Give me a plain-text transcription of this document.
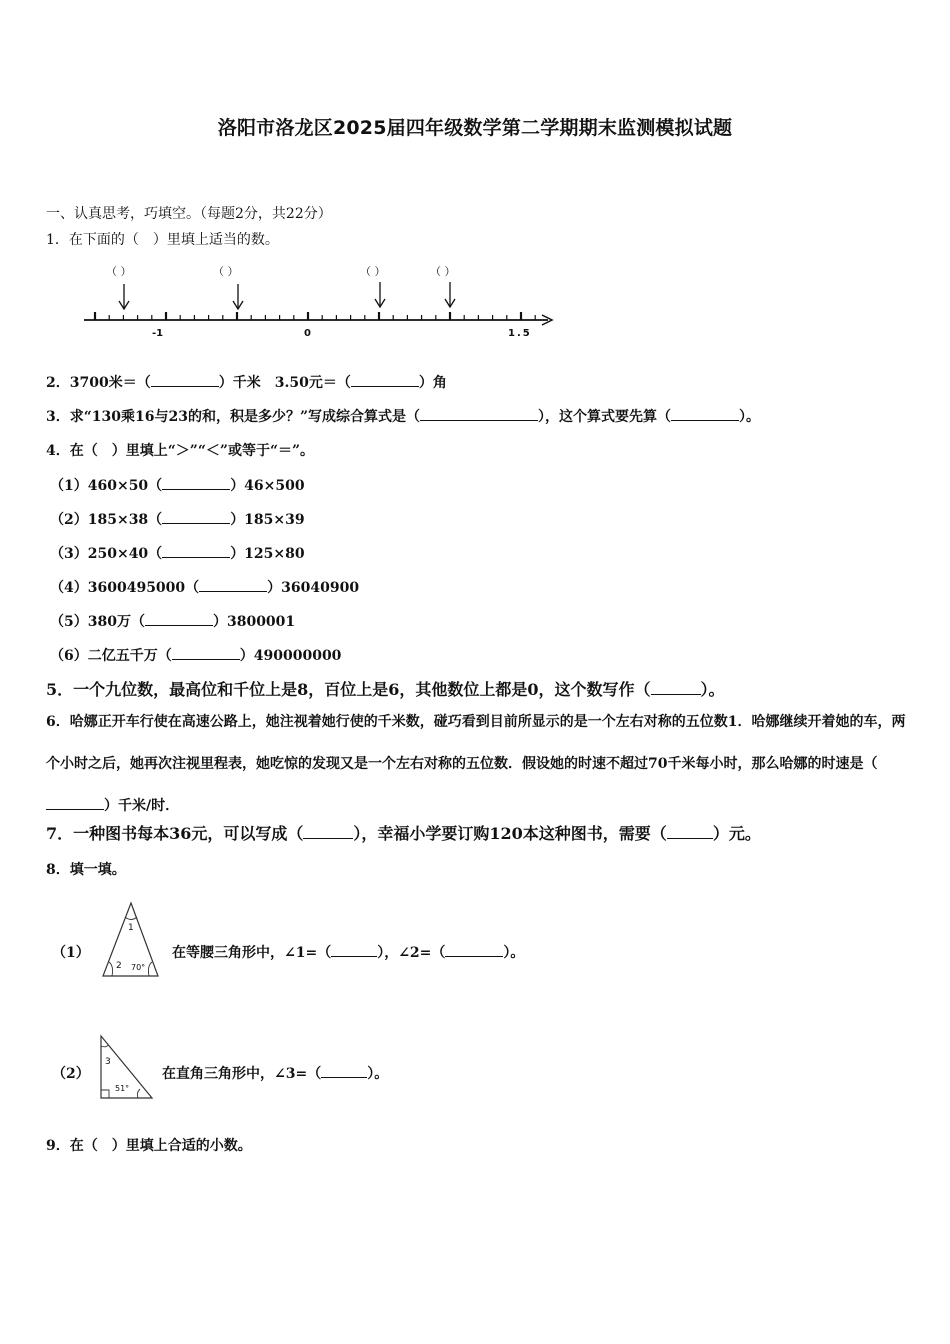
洛阳市洛龙区2025届四年级数学第二学期期末监测模拟试题
一、认真思考，巧填空。（每题2分，共22分）
1．在下面的（　）里填上适当的数。
（ ）	（ ）	（ ）	（ ）
-1	0	1.5
2．3700米＝（	）千米　3.50元＝（	）角
3．求“130乘16与23的和，积是多少？”写成综合算式是（	），这个算式要先算（	）。
4．在（　）里填上“＞”“＜”或等于“＝”。
（1）460×50（	）46×500
（2）185×38（	）185×39
（3）250×40（	）125×80
（4）3600495000（	）36040900
（5）380万（	）3800001
（6）二亿五千万（	）490000000
5．一个九位数，最高位和千位上是8，百位上是6，其他数位上都是0，这个数写作（	）。
6．哈娜正开车行使在高速公路上，她注视着她行使的千米数，碰巧看到目前所显示的是一个左右对称的五位数1．哈娜继续开着她的车，两个小时之后，她再次注视里程表，她吃惊的发现又是一个左右对称的五位数．假设她的时速不超过70千米每小时，那么哈娜的时速是（）千米/时．
7．一种图书每本36元，可以写成（	），幸福小学要订购120本这种图书，需要（	）元。
8．填一填。
（1）
1
2 70°
在等腰三角形中，∠1=（	），∠2=（	）。
（2）
3
51°
在直角三角形中，∠3=（	）。
9．在（　）里填上合适的小数。
